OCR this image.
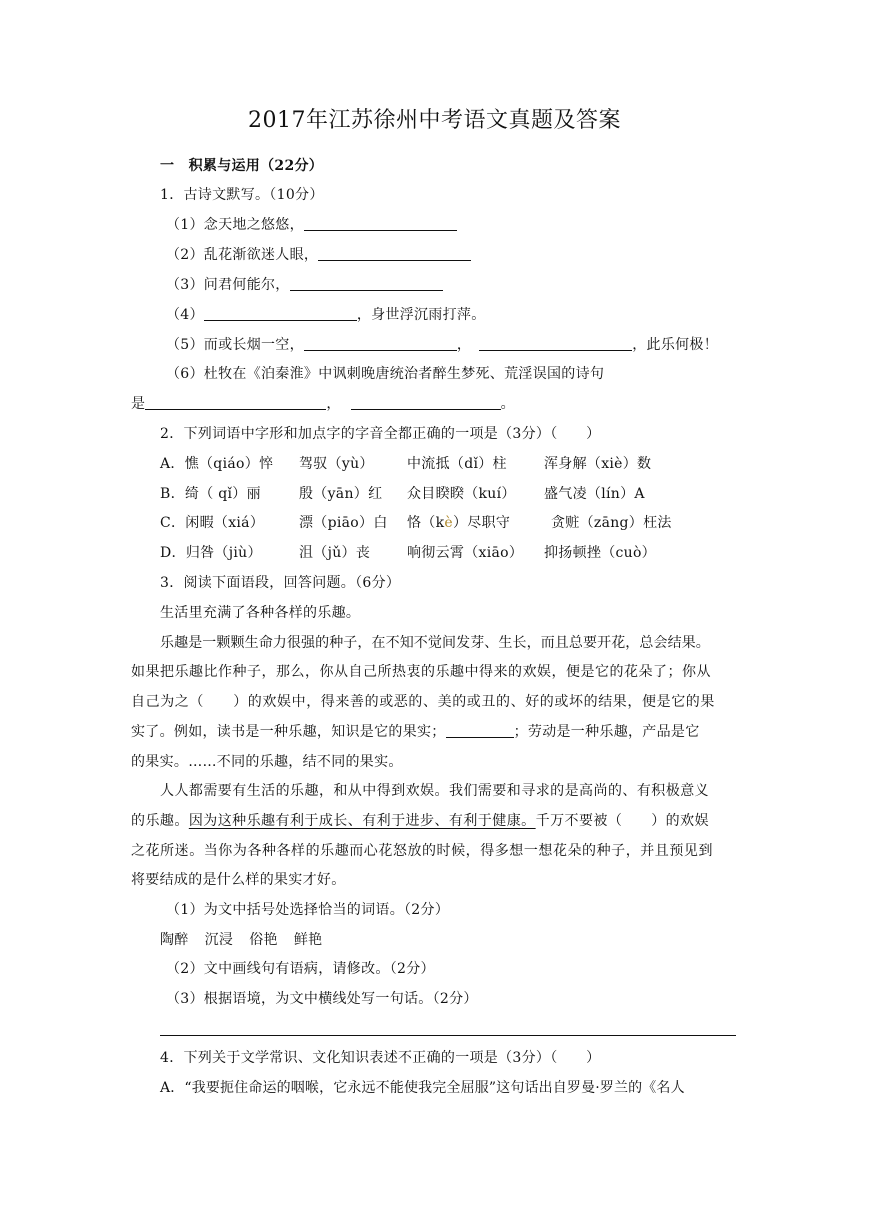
2017年江苏徐州中考语文真题及答案
一　积累与运用（22分）
1．古诗文默写。（10分）
（1）念天地之悠悠，
（2）乱花渐欲迷人眼，
（3）问君何能尔，
（4）	，身世浮沉雨打萍。
（5）而或长烟一空，	，	，此乐何极！
（6）杜牧在《泊秦淮》中讽刺晚唐统治者醉生梦死、荒淫误国的诗句
是	，	。
2．下列词语中字形和加点字的字音全都正确的一项是（3分）（　　）
A．憔（qiáo）悴 驾驭（yù） 中流抵（dǐ）柱	浑身解（xiè）数
B．绮（ qǐ）丽	殷（yān）红 众目睽睽（kuí） 盛气凌（lín）A
C．闲暇（xiá） 漂（piāo）白 恪（kè）尽职守	贪赃（zāng）枉法
D．归咎（jiù）	沮（jǔ）丧	响彻云霄（xiāo） 抑扬顿挫（cuò）
3．阅读下面语段，回答问题。（6分）
生活里充满了各种各样的乐趣。
乐趣是一颗颗生命力很强的种子，在不知不觉间发芽、生长，而且总要开花，总会结果。
如果把乐趣比作种子，那么，你从自己所热衷的乐趣中得来的欢娱，便是它的花朵了；你从
自己为之（　　）的欢娱中，得来善的或恶的、美的或丑的、好的或坏的结果，便是它的果
实了。例如，读书是一种乐趣，知识是它的果实；	；劳动是一种乐趣，产品是它
的果实。……不同的乐趣，结不同的果实。
人人都需要有生活的乐趣，和从中得到欢娱。我们需要和寻求的是高尚的、有积极意义
的乐趣。因为这种乐趣有利于成长、有利于进步、有利于健康。千万不要被（　　）的欢娱
之花所迷。当你为各种各样的乐趣而心花怒放的时候，得多想一想花朵的种子，并且预见到
将要结成的是什么样的果实才好。
（1）为文中括号处选择恰当的词语。（2分）
陶醉 沉浸 俗艳 鲜艳
（2）文中画线句有语病，请修改。（2分）
（3）根据语境，为文中横线处写一句话。（2分）
4．下列关于文学常识、文化知识表述不正确的一项是（3分）（　　）
A．“我要扼住命运的咽喉，它永远不能使我完全屈服”这句话出自罗曼·罗兰的《名人
